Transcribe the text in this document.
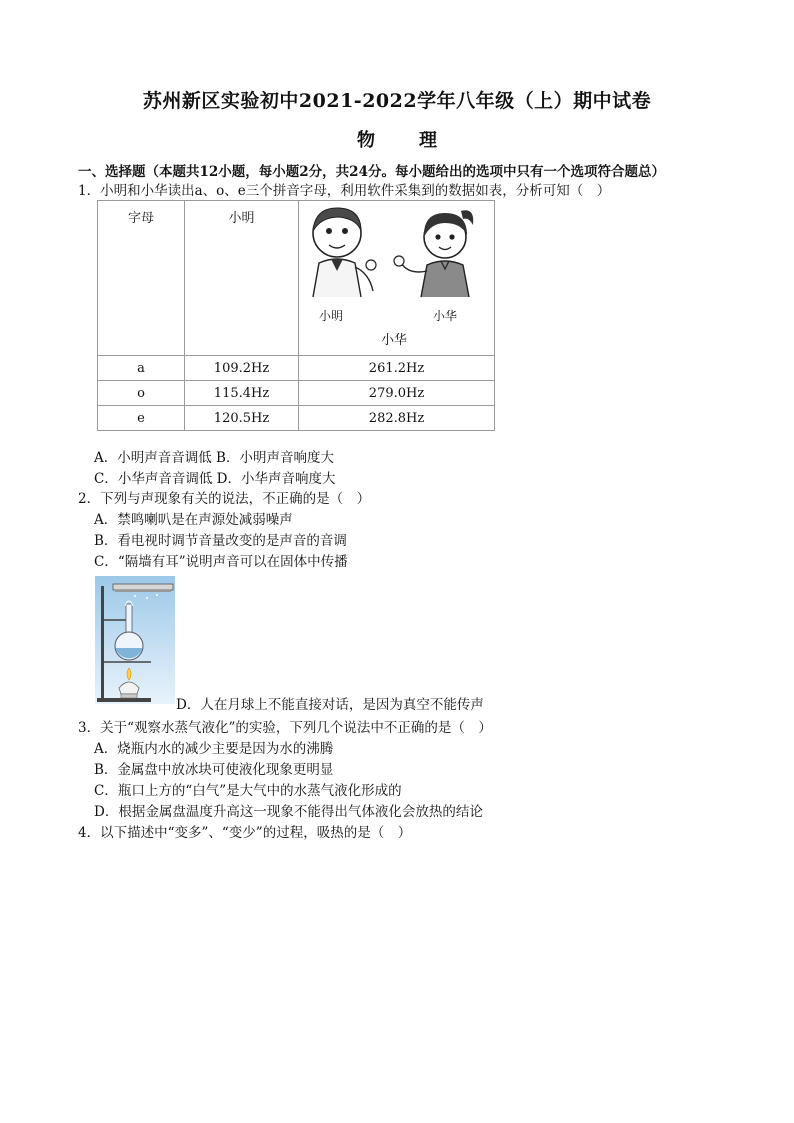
苏州新区实验初中2021-2022学年八年级（上）期中试卷
物 理
一、选择题（本题共12小题，每小题2分，共24分。每小题给出的选项中只有一个选项符合题总）
1．小明和小华读出a、o、e三个拼音字母，利用软件采集到的数据如表，分析可知（　）
字母	小明	小明 小华
小华

a	109.2Hz	261.2Hz
o	115.4Hz	279.0Hz
e	120.5Hz	282.8Hz
A．小明声音音调低 B．小明声音响度大
C．小华声音音调低 D．小华声音响度大
2．下列与声现象有关的说法，不正确的是（　）
A．禁鸣喇叭是在声源处减弱噪声
B．看电视时调节音量改变的是声音的音调
C．“隔墙有耳”说明声音可以在固体中传播
D．人在月球上不能直接对话，是因为真空不能传声
3．关于“观察水蒸气液化”的实验，下列几个说法中不正确的是（　）
A．烧瓶内水的减少主要是因为水的沸腾
B．金属盘中放冰块可使液化现象更明显
C．瓶口上方的“白气”是大气中的水蒸气液化形成的
D．根据金属盘温度升高这一现象不能得出气体液化会放热的结论
4．以下描述中“变多”、“变少”的过程，吸热的是（　）
